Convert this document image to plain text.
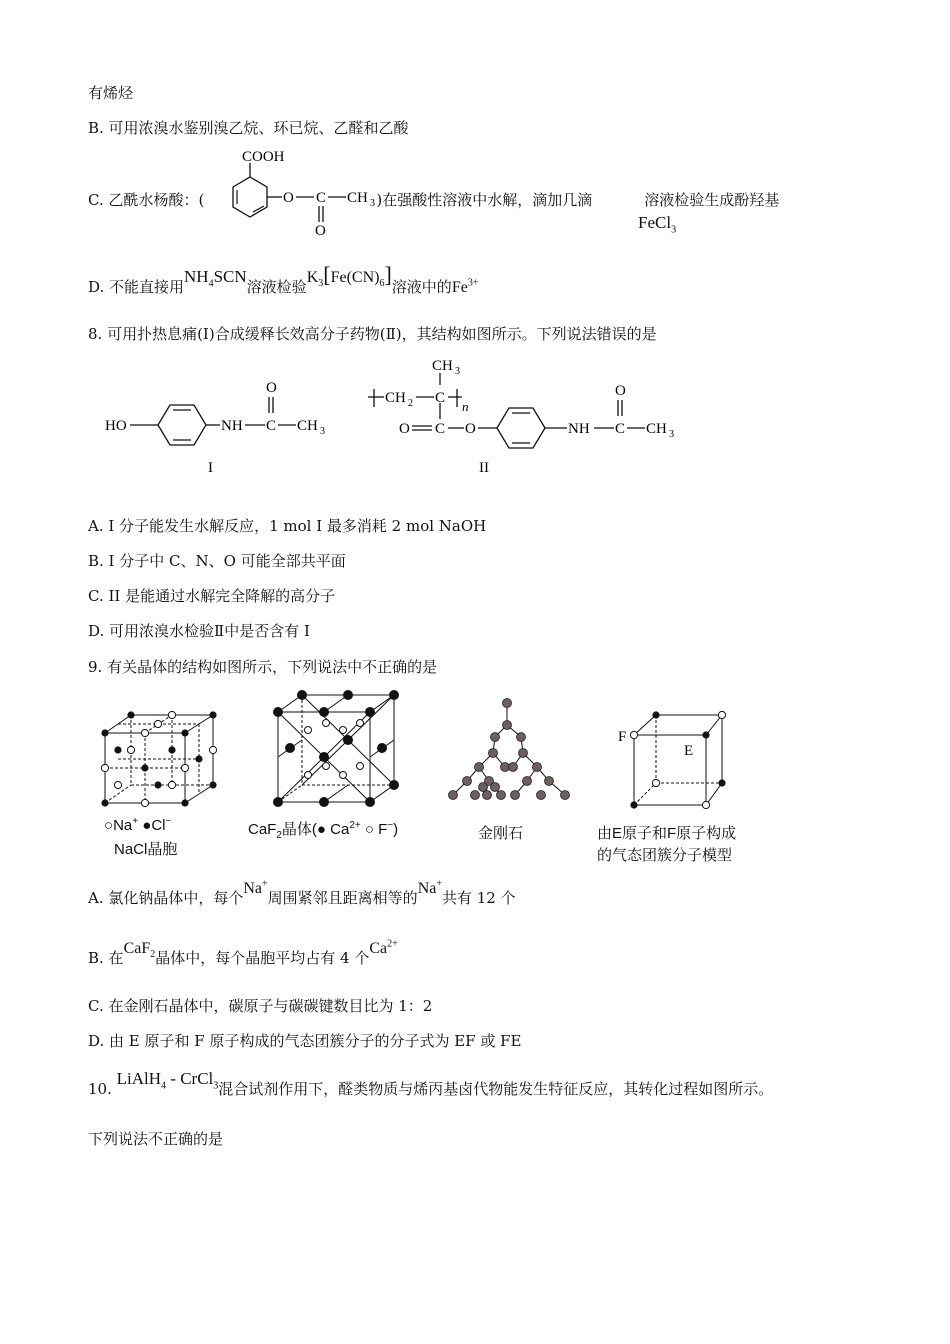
有烯烃
B. 可用浓溴水鉴别溴乙烷、环已烷、乙醛和乙酸
C. 乙酰水杨酸：(	)在强酸性溶液中水解，滴加几滴	溶液检验生成酚羟基
FeCl$_3$
COOH
O C
O
CH 3
D. 不能直接用$NH_4SCN$溶液检验$K_3[Fe(CN)_6]$溶液中的$Fe^{3+}$
8. 可用扑热息痛(I)合成缓释长效高分子药物(Ⅱ)，其结构如图所示。下列说法错误的是
HO	NH C
O
CH 3
I
CH 2 C
CH 3
n
O C O	NH C
O
CH 3
II
A. I 分子能发生水解反应，1 mol I 最多消耗 2 mol NaOH
B. I 分子中 C、N、O 可能全部共平面
C. II 是能通过水解完全降解的高分子
D. 可用浓溴水检验Ⅱ中是否含有 I
9. 有关晶体的结构如图所示，下列说法中不正确的是
○Na+ ●Cl−
NaCl晶胞
CaF$_2$晶体(● $Ca^{2+}$ ○ F−)	金刚石
F
E
由E原子和F原子构成
的气态团簇分子模型
A. 氯化钠晶体中，每个Na+周围紧邻且距离相等的Na+共有 12 个
B. 在CaF$_2$晶体中，每个晶胞平均占有 4 个$Ca^{2+}$
C. 在金刚石晶体中，碳原子与碳碳键数目比为 1：2
D. 由 E 原子和 F 原子构成的气态团簇分子的分子式为 EF 或 FE
10. LiAlH$_4$ - CrCl$_3$混合试剂作用下，醛类物质与烯丙基卤代物能发生特征反应，其转化过程如图所示。
下列说法不正确的是
